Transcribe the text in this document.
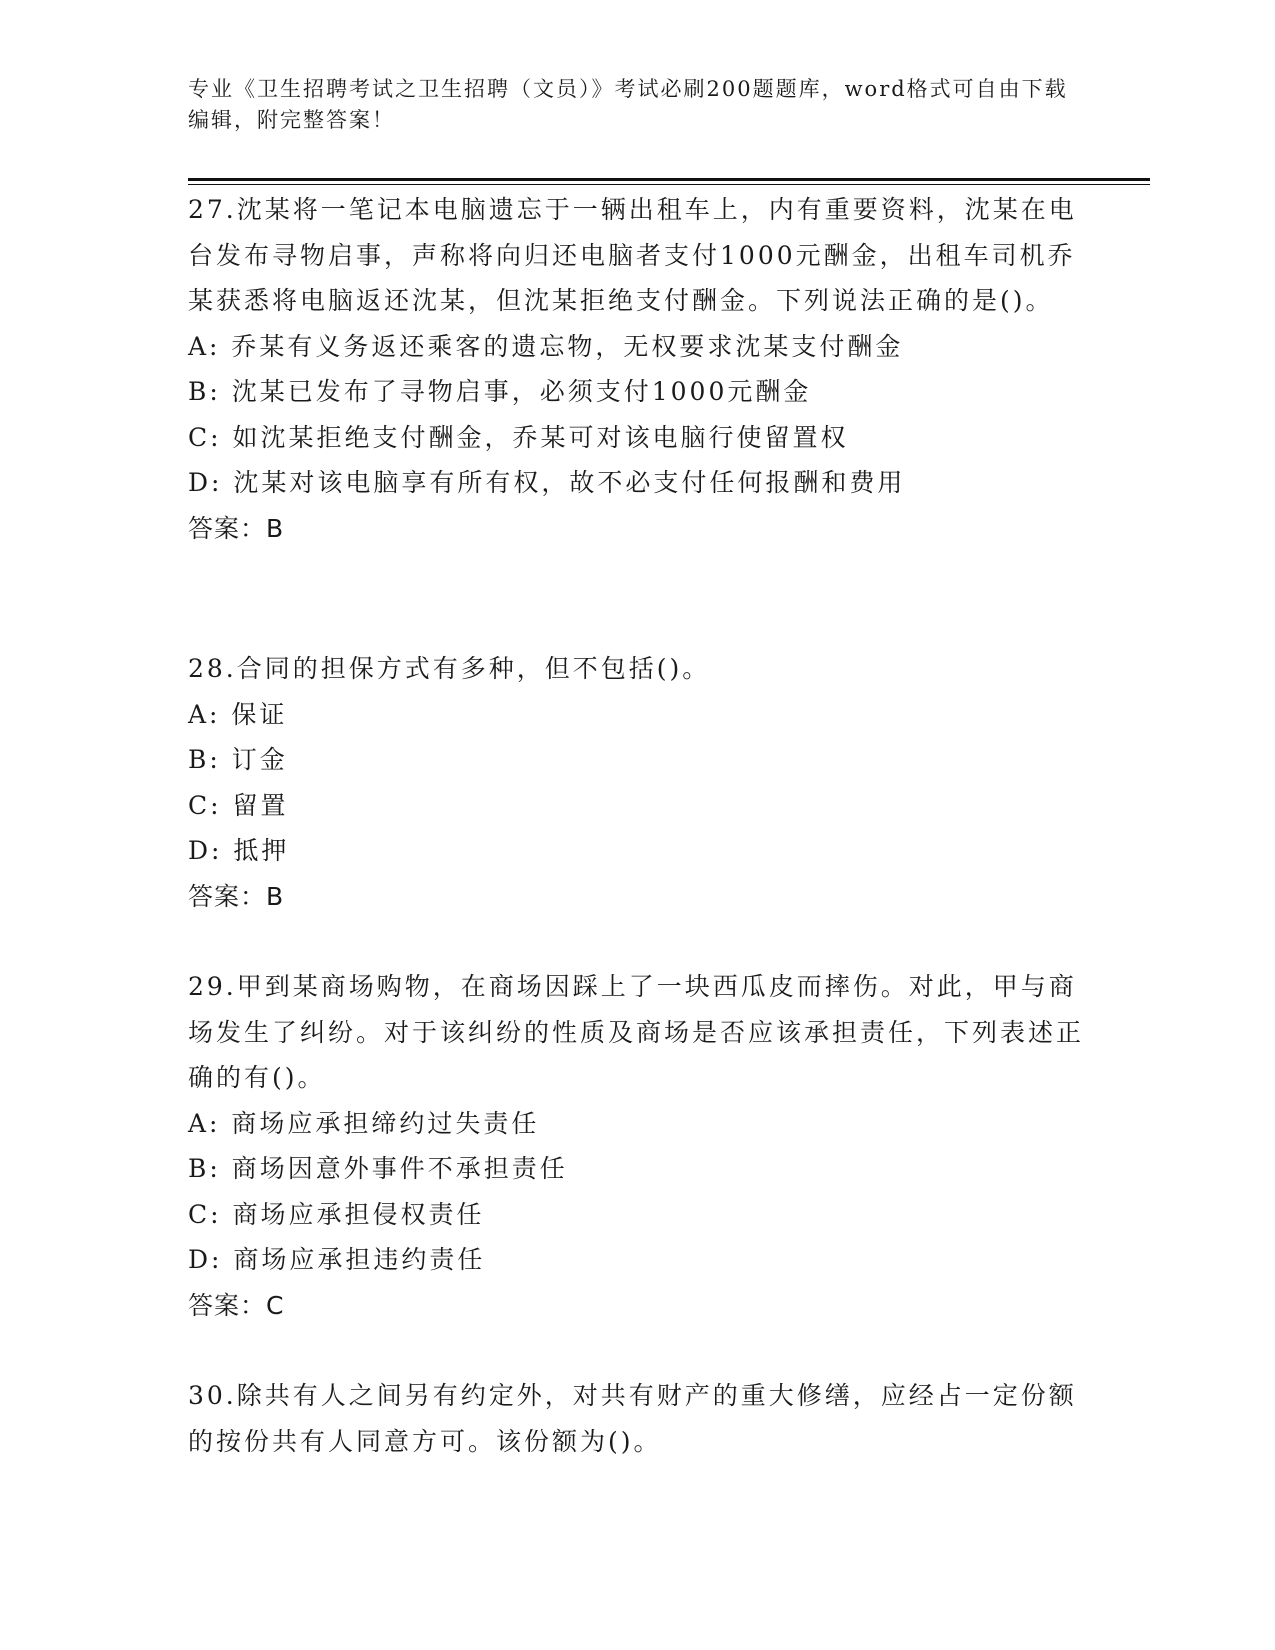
专业《卫生招聘考试之卫生招聘（文员）》考试必刷200题题库，word格式可自由下载编辑，附完整答案！

27.沈某将一笔记本电脑遗忘于一辆出租车上，内有重要资料，沈某在电台发布寻物启事，声称将向归还电脑者支付1000元酬金，出租车司机乔某获悉将电脑返还沈某，但沈某拒绝支付酬金。下列说法正确的是()。

A: 乔某有义务返还乘客的遗忘物，无权要求沈某支付酬金

B: 沈某已发布了寻物启事，必须支付1000元酬金

C: 如沈某拒绝支付酬金，乔某可对该电脑行使留置权

D: 沈某对该电脑享有所有权，故不必支付任何报酬和费用

答案：B

28.合同的担保方式有多种，但不包括()。

A: 保证

B: 订金

C: 留置

D: 抵押

答案：B

29.甲到某商场购物，在商场因踩上了一块西瓜皮而摔伤。对此，甲与商场发生了纠纷。对于该纠纷的性质及商场是否应该承担责任，下列表述正确的有()。

A: 商场应承担缔约过失责任

B: 商场因意外事件不承担责任

C: 商场应承担侵权责任

D: 商场应承担违约责任

答案：C

30.除共有人之间另有约定外，对共有财产的重大修缮，应经占一定份额的按份共有人同意方可。该份额为()。
